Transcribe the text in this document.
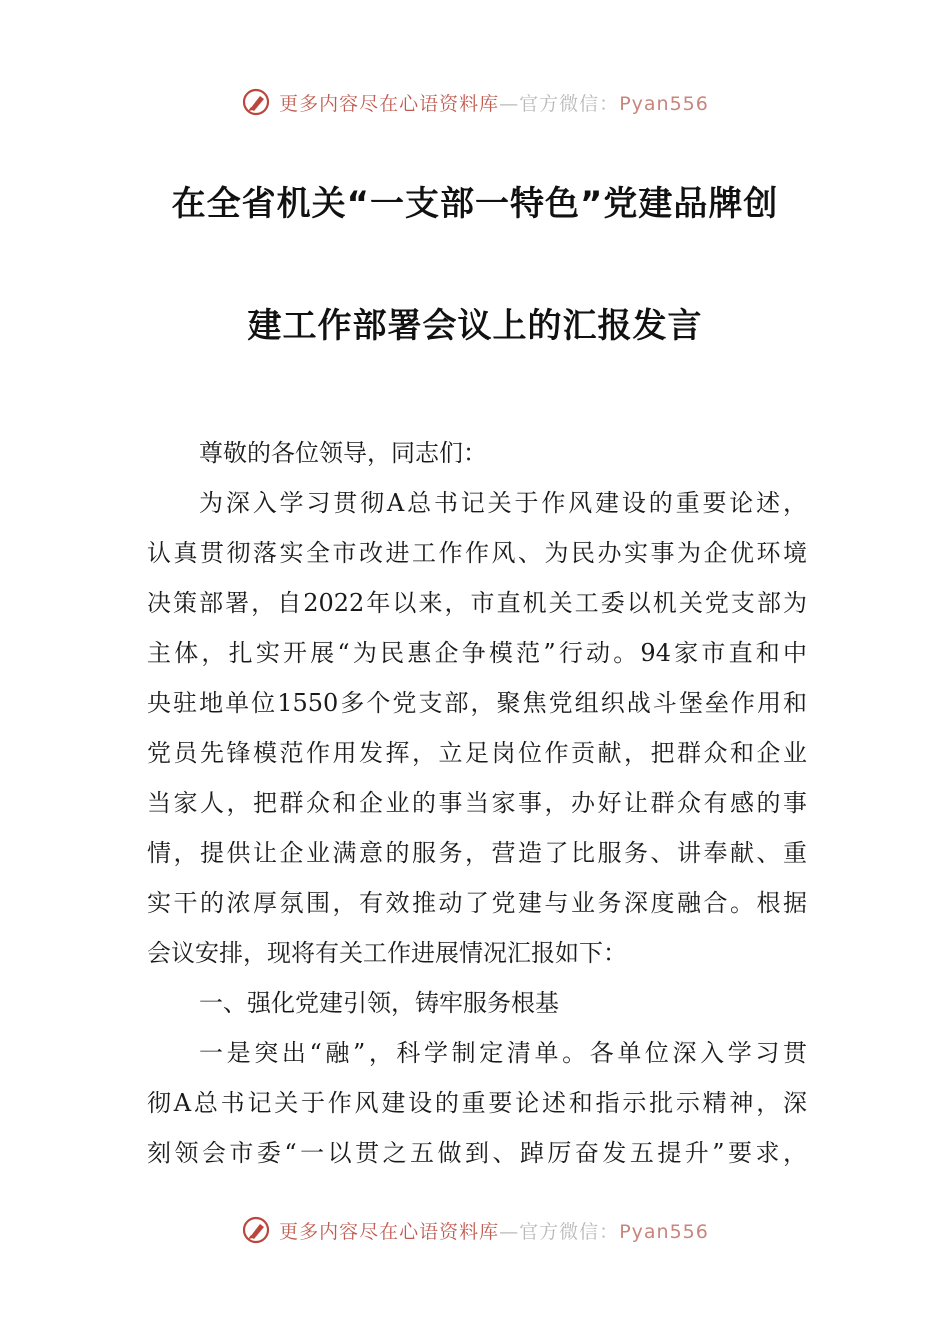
更多内容尽在心语资料库—官方微信：Pyan556
在全省机关“一支部一特色”党建品牌创
建工作部署会议上的汇报发言
尊敬的各位领导，同志们：
为深入学习贯彻A总书记关于作风建设的重要论述，
认真贯彻落实全市改进工作作风、为民办实事为企优环境
决策部署，自2022年以来，市直机关工委以机关党支部为
主体，扎实开展“为民惠企争模范”行动。94家市直和中
央驻地单位1550多个党支部，聚焦党组织战斗堡垒作用和
党员先锋模范作用发挥，立足岗位作贡献，把群众和企业
当家人，把群众和企业的事当家事，办好让群众有感的事
情，提供让企业满意的服务，营造了比服务、讲奉献、重
实干的浓厚氛围，有效推动了党建与业务深度融合。根据
会议安排，现将有关工作进展情况汇报如下：
一、强化党建引领，铸牢服务根基
一是突出“融”，科学制定清单。各单位深入学习贯
彻A总书记关于作风建设的重要论述和指示批示精神，深
刻领会市委“一以贯之五做到、踔厉奋发五提升”要求，
更多内容尽在心语资料库—官方微信：Pyan556
